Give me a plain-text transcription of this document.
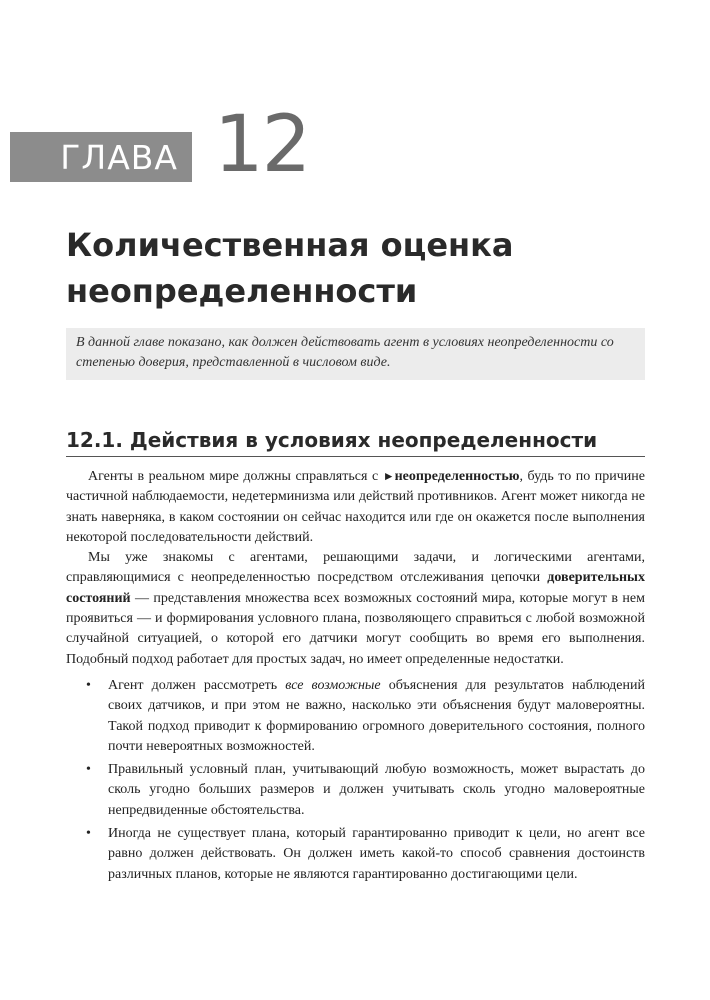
ГЛАВА 12
Количественная оценка неопределенности
В данной главе показано, как должен действовать агент в условиях неопределенности со степенью доверия, представленной в числовом виде.
12.1. Действия в условиях неопределенности

Агенты в реальном мире должны справляться с ►неопределенностью, будь то по причине частичной наблюдаемости, недетерминизма или действий противников. Агент может никогда не знать наверняка, в каком состоянии он сейчас находится или где он окажется после выполнения некоторой последовательности действий.

Мы уже знакомы с агентами, решающими задачи, и логическими агентами, справляющимися с неопределенностью посредством отслеживания цепочки доверительных состояний — представления множества всех возможных состояний мира, которые могут в нем проявиться — и формирования условного плана, позволяющего справиться с любой возможной случайной ситуацией, о которой его датчики могут сообщить во время его выполнения. Подобный подход работает для простых задач, но имеет определенные недостатки.

• Агент должен рассмотреть все возможные объяснения для результатов наблюдений своих датчиков, и при этом не важно, насколько эти объяснения будут маловероятны. Такой подход приводит к формированию огромного доверительного состояния, полного почти невероятных возможностей.
• Правильный условный план, учитывающий любую возможность, может вырастать до сколь угодно больших размеров и должен учитывать сколь угодно маловероятные непредвиденные обстоятельства.
• Иногда не существует плана, который гарантированно приводит к цели, но агент все равно должен действовать. Он должен иметь какой-то способ сравнения достоинств различных планов, которые не являются гарантированно достигающими цели.
